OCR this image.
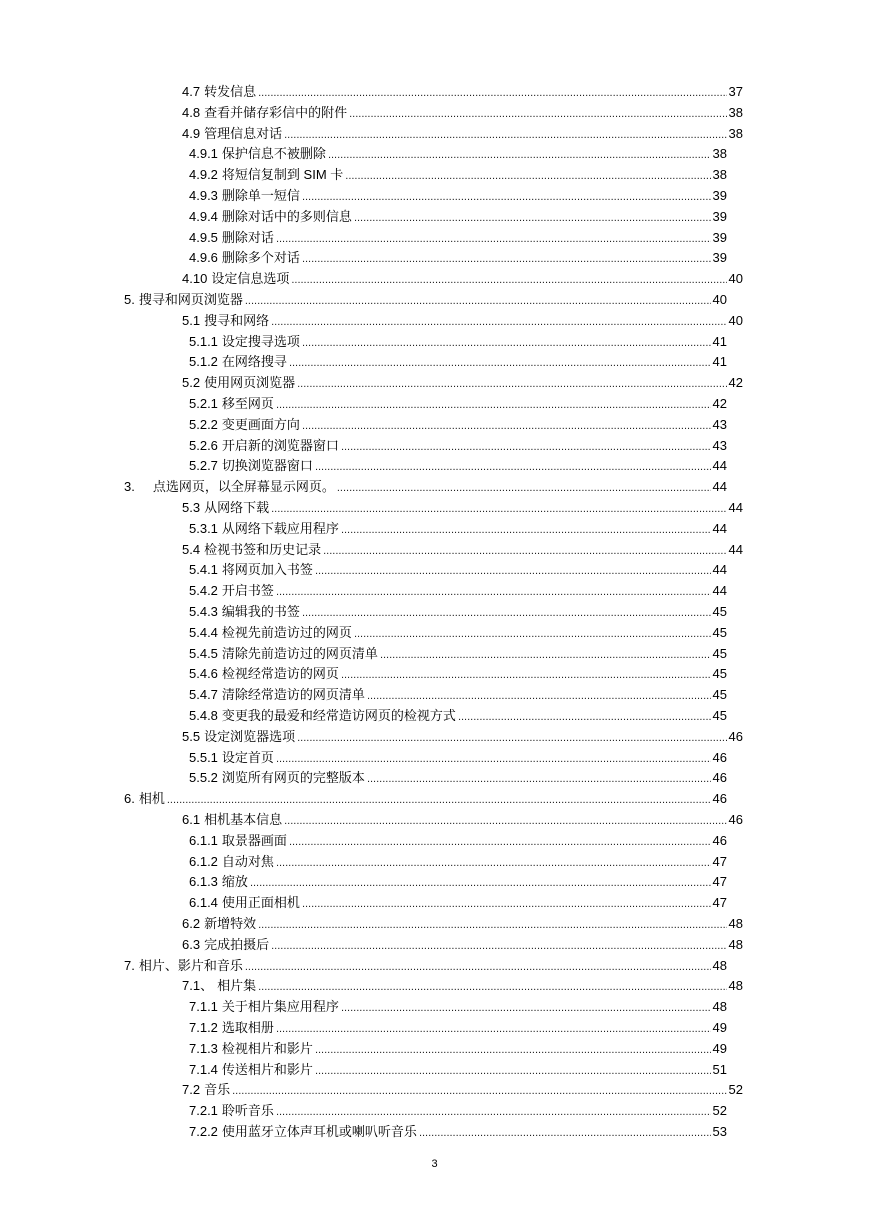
4.7 转发信息 .....	37
4.8 查看并储存彩信中的附件 .....	38
4.9 管理信息对话 .....	38
4.9.1 保护信息不被删除 .....	38
4.9.2 将短信复制到 SIM 卡 .....	38
4.9.3 删除单一短信 .....	39
4.9.4 删除对话中的多则信息 .....	39
4.9.5 删除对话 .....	39
4.9.6 删除多个对话 .....	39
4.10 设定信息选项 .....	40
5. 搜寻和网页浏览器 .....	40
5.1 搜寻和网络 .....	40
5.1.1 设定搜寻选项 .....	41
5.1.2 在网络搜寻 .....	41
5.2 使用网页浏览器 .....	42
5.2.1 移至网页 .....	42
5.2.2 变更画面方向 .....	43
5.2.6 开启新的浏览器窗口 .....	43
5.2.7 切换浏览器窗口 .....	44
3. 点选网页，以全屏幕显示网页。 .....	44
5.3 从网络下载 .....	44
5.3.1 从网络下载应用程序 .....	44
5.4 检视书签和历史记录 .....	44
5.4.1 将网页加入书签 .....	44
5.4.2 开启书签 .....	44
5.4.3 编辑我的书签 .....	45
5.4.4 检视先前造访过的网页 .....	45
5.4.5 清除先前造访过的网页清单 .....	45
5.4.6 检视经常造访的网页 .....	45
5.4.7 清除经常造访的网页清单 .....	45
5.4.8 变更我的最爱和经常造访网页的检视方式 .....	45
5.5 设定浏览器选项 .....	46
5.5.1 设定首页 .....	46
5.5.2 浏览所有网页的完整版本 .....	46
6. 相机 .....	46
6.1 相机基本信息 .....	46
6.1.1 取景器画面 .....	46
6.1.2 自动对焦 .....	47
6.1.3 缩放 .....	47
6.1.4 使用正面相机 .....	47
6.2 新增特效 .....	48
6.3 完成拍摄后 .....	48
7. 相片、影片和音乐 .....	48
7.1、 相片集 .....	48
7.1.1 关于相片集应用程序 .....	48
7.1.2 选取相册 .....	49
7.1.3 检视相片和影片 .....	49
7.1.4 传送相片和影片 .....	51
7.2 音乐 .....	52
7.2.1 聆听音乐 .....	52
7.2.2 使用蓝牙立体声耳机或喇叭听音乐 .....	53
3
